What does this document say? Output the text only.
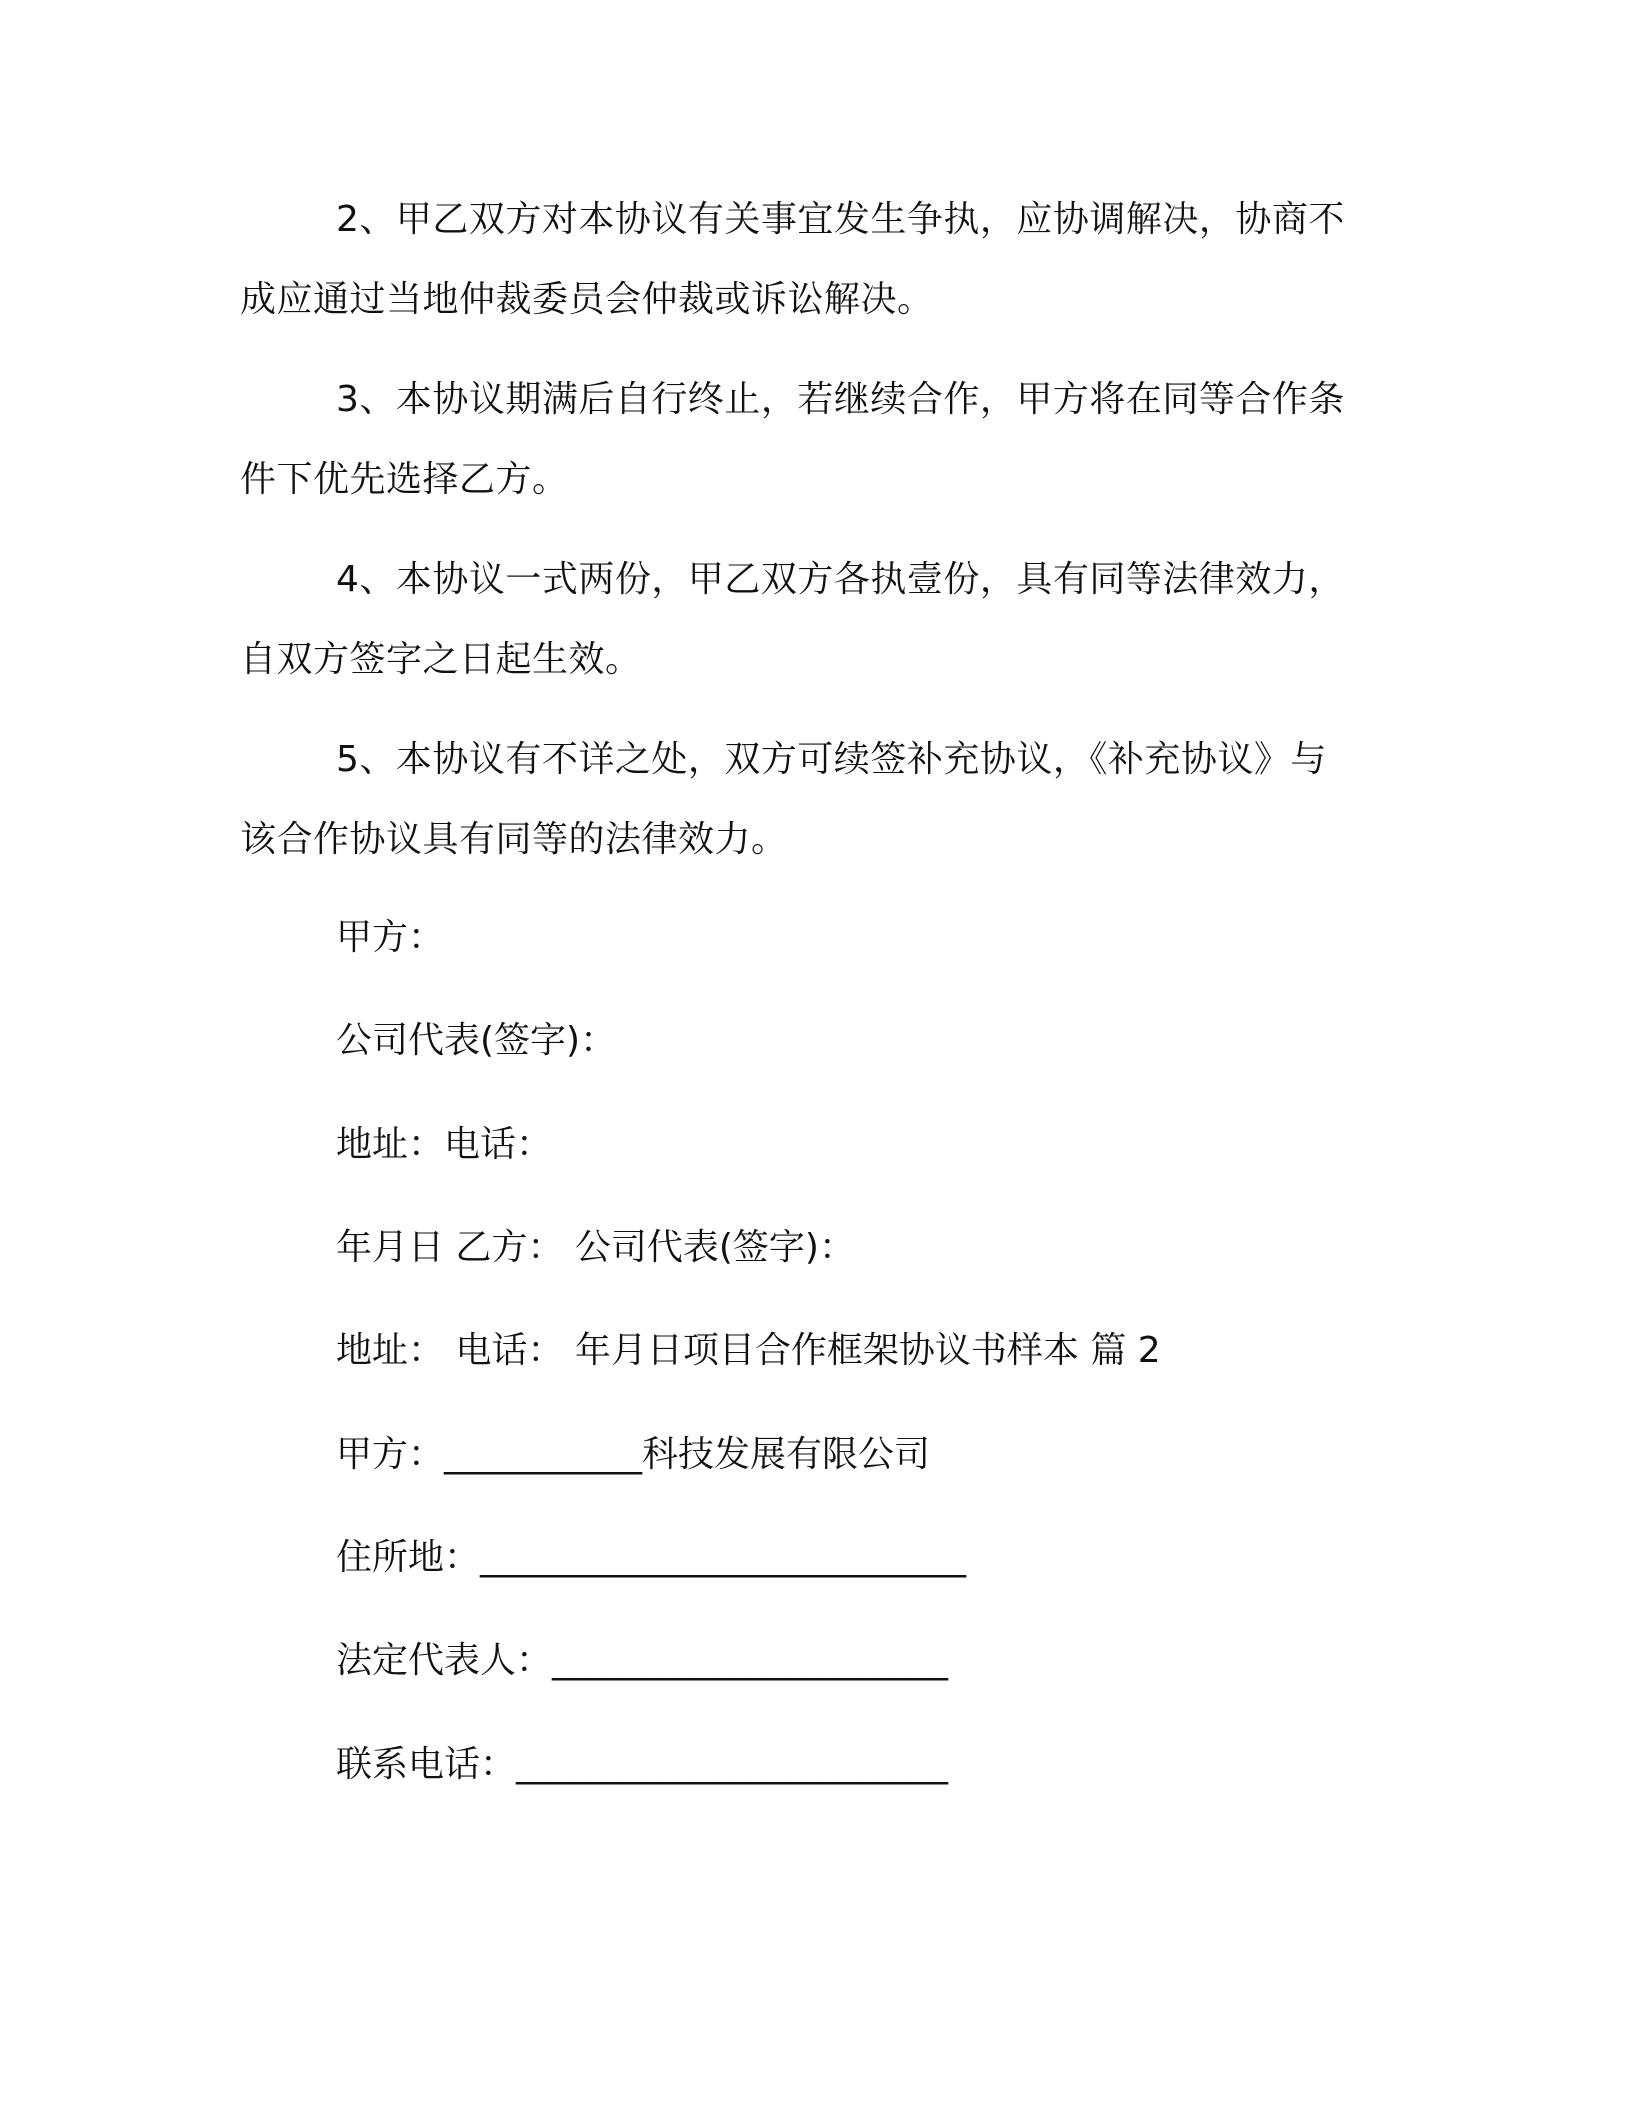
2、甲乙双方对本协议有关事宜发生争执，应协调解决，协商不成应通过当地仲裁委员会仲裁或诉讼解决。

3、本协议期满后自行终止，若继续合作，甲方将在同等合作条件下优先选择乙方。

4、本协议一式两份，甲乙双方各执壹份，具有同等法律效力，自双方签字之日起生效。

5、本协议有不详之处，双方可续签补充协议，《补充协议》与该合作协议具有同等的法律效力。

甲方：

公司代表(签字)：

地址：电话：

年月日 乙方： 公司代表(签字)：

地址： 电话： 年月日项目合作框架协议书样本 篇 2

甲方：___________科技发展有限公司

住所地：___________________________

法定代表人：______________________

联系电话：________________________
